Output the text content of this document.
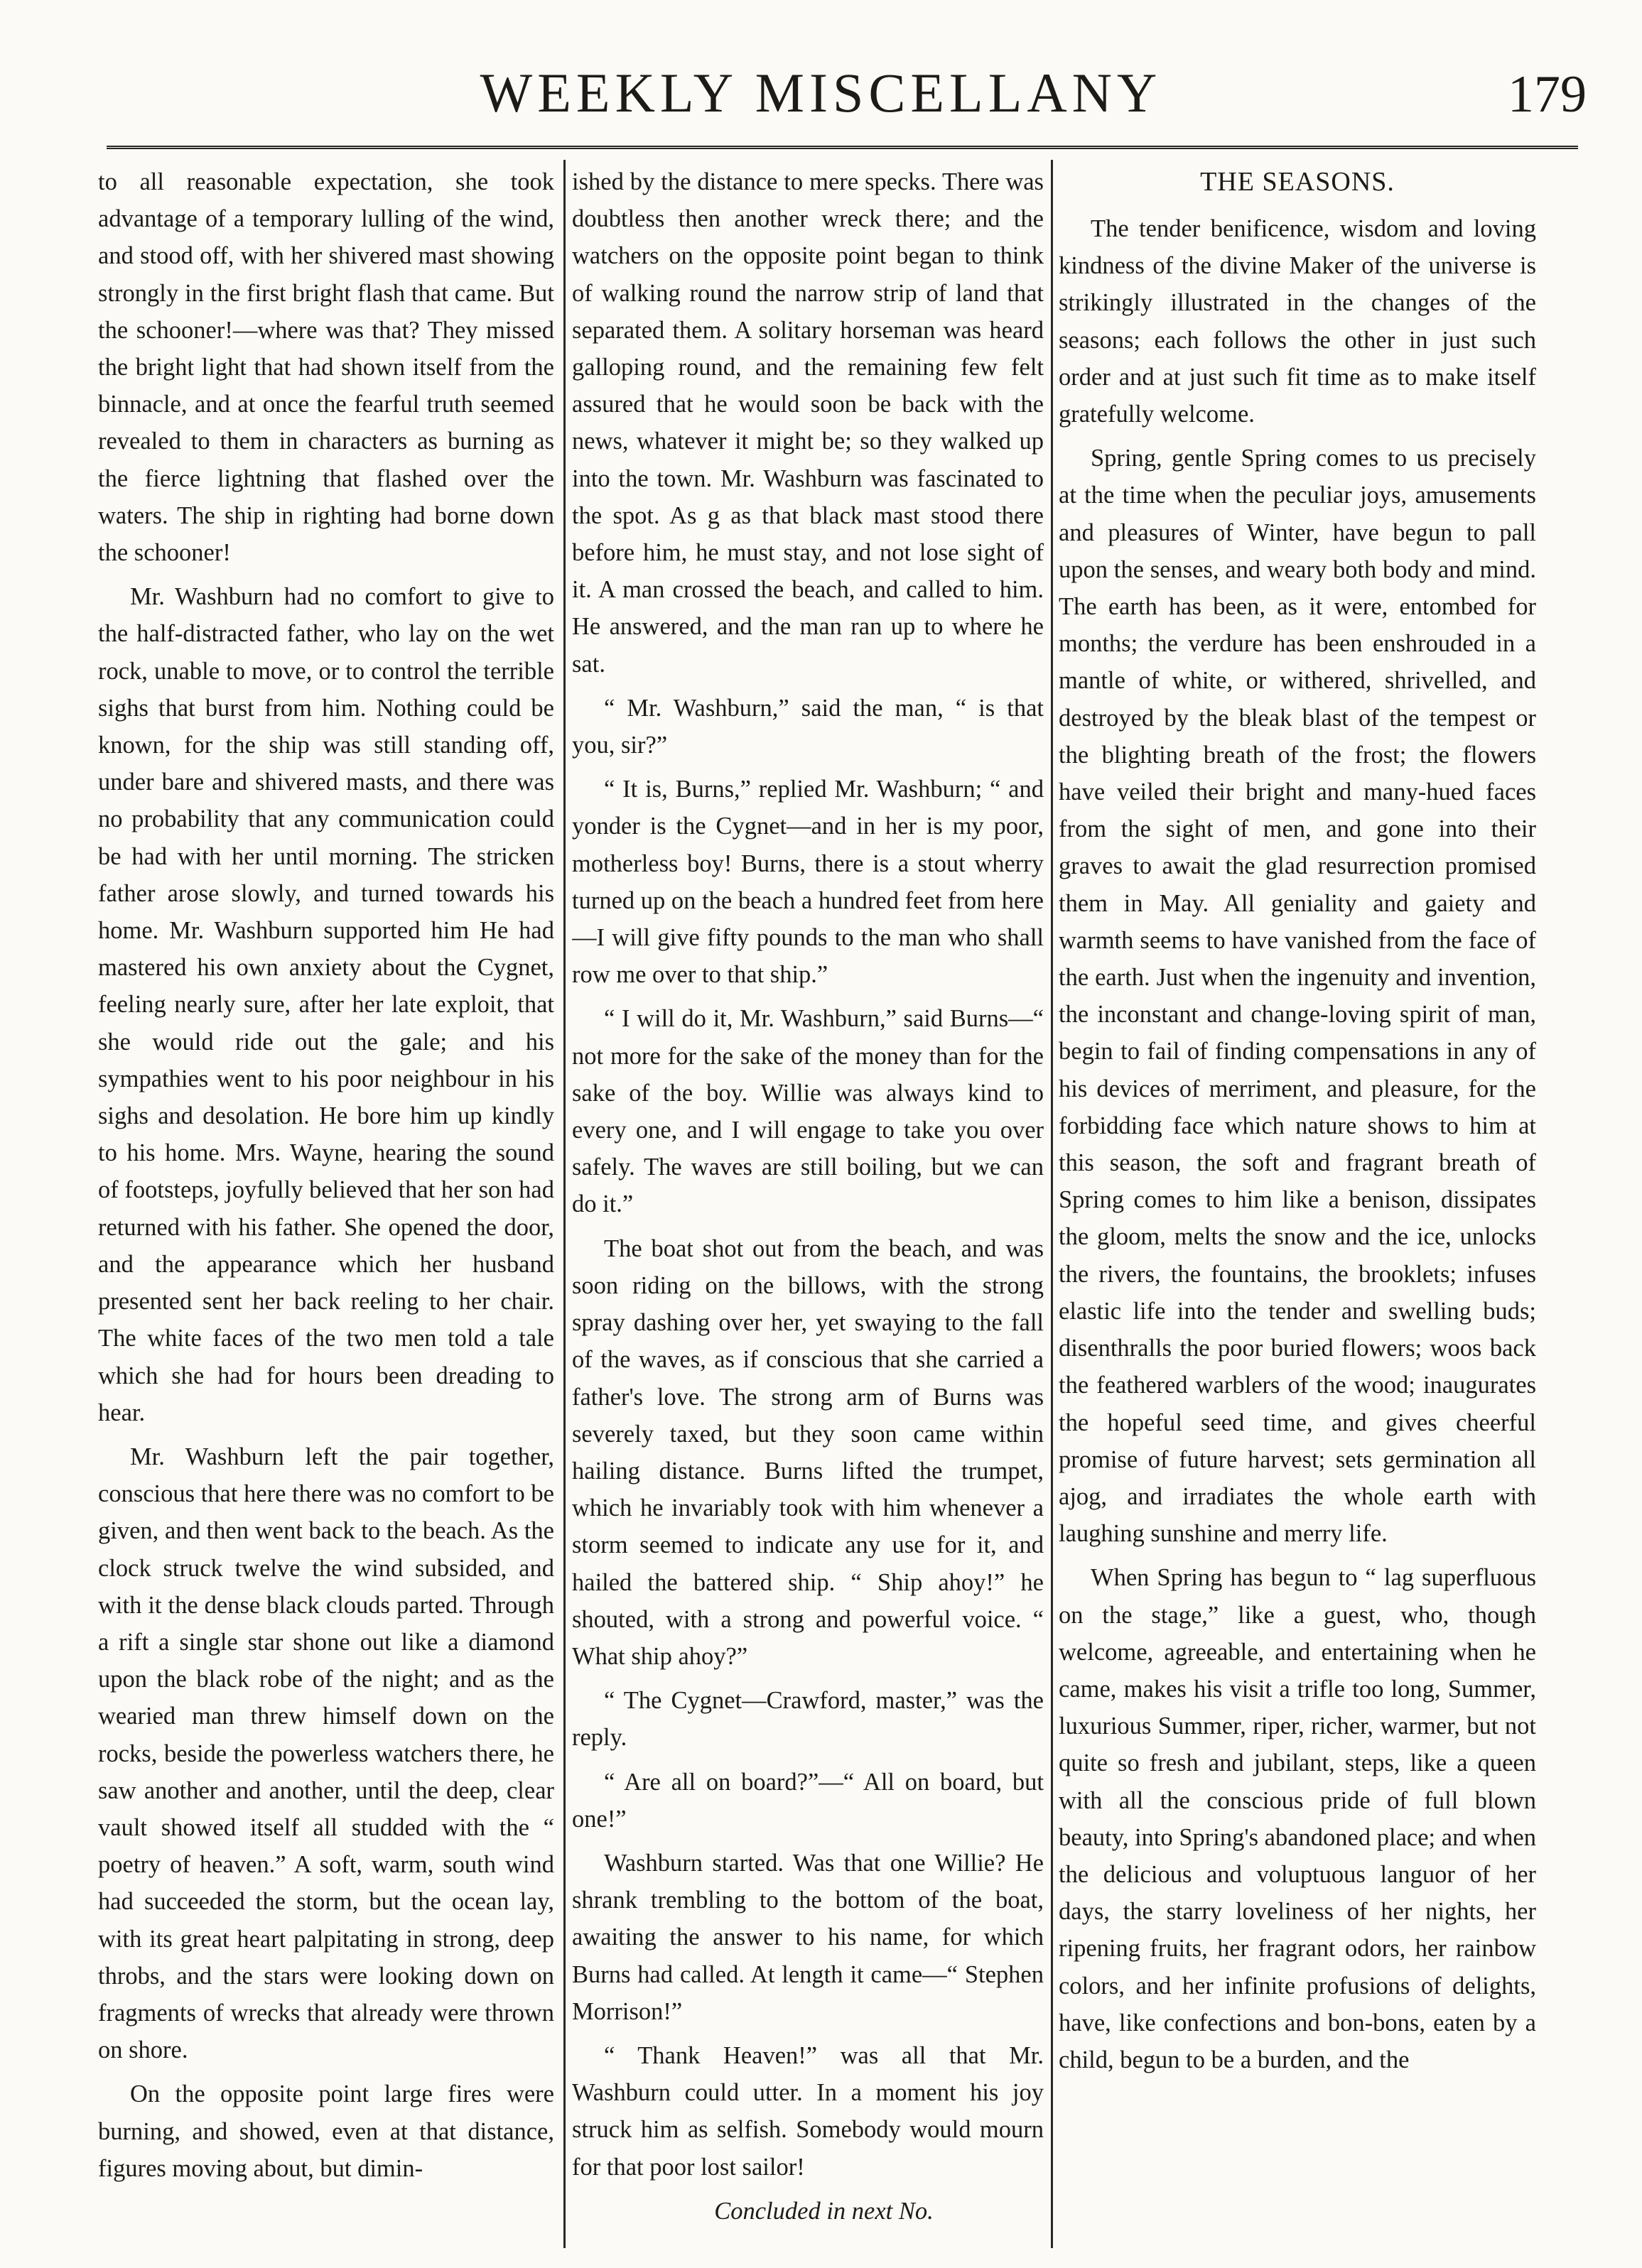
WEEKLY MISCELLANY	179

to all reasonable expectation, she took advantage of a temporary lulling of the wind, and stood off, with her shivered mast showing strongly in the first bright flash that came. But the schooner!—where was that? They missed the bright light that had shown itself from the binnacle, and at once the fearful truth seemed revealed to them in characters as burning as the fierce lightning that flashed over the waters. The ship in righting had borne down the schooner!

Mr. Washburn had no comfort to give to the half-distracted father, who lay on the wet rock, unable to move, or to control the terrible sighs that burst from him. Nothing could be known, for the ship was still standing off, under bare and shivered masts, and there was no probability that any communication could be had with her until morning. The stricken father arose slowly, and turned towards his home. Mr. Washburn supported him He had mastered his own anxiety about the Cygnet, feeling nearly sure, after her late exploit, that she would ride out the gale; and his sympathies went to his poor neighbour in his sighs and desolation. He bore him up kindly to his home. Mrs. Wayne, hearing the sound of footsteps, joyfully believed that her son had returned with his father. She opened the door, and the appearance which her husband presented sent her back reeling to her chair. The white faces of the two men told a tale which she had for hours been dreading to hear.

Mr. Washburn left the pair together, conscious that here there was no comfort to be given, and then went back to the beach. As the clock struck twelve the wind subsided, and with it the dense black clouds parted. Through a rift a single star shone out like a diamond upon the black robe of the night; and as the wearied man threw himself down on the rocks, beside the powerless watchers there, he saw another and another, until the deep, clear vault showed itself all studded with the “ poetry of heaven.” A soft, warm, south wind had succeeded the storm, but the ocean lay, with its great heart palpitating in strong, deep throbs, and the stars were looking down on fragments of wrecks that already were thrown on shore.

On the opposite point large fires were burning, and showed, even at that distance, figures moving about, but dimin-

ished by the distance to mere specks. There was doubtless then another wreck there; and the watchers on the opposite point began to think of walking round the narrow strip of land that separated them. A solitary horseman was heard galloping round, and the remaining few felt assured that he would soon be back with the news, whatever it might be; so they walked up into the town. Mr. Washburn was fascinated to the spot. As g as that black mast stood there before him, he must stay, and not lose sight of it. A man crossed the beach, and called to him. He answered, and the man ran up to where he sat.

“ Mr. Washburn,” said the man, “ is that you, sir?”

“ It is, Burns,” replied Mr. Washburn; “ and yonder is the Cygnet—and in her is my poor, motherless boy! Burns, there is a stout wherry turned up on the beach a hundred feet from here—I will give fifty pounds to the man who shall row me over to that ship.”

“ I will do it, Mr. Washburn,” said Burns—“ not more for the sake of the money than for the sake of the boy. Willie was always kind to every one, and I will engage to take you over safely. The waves are still boiling, but we can do it.”

The boat shot out from the beach, and was soon riding on the billows, with the strong spray dashing over her, yet swaying to the fall of the waves, as if conscious that she carried a father's love. The strong arm of Burns was severely taxed, but they soon came within hailing distance. Burns lifted the trumpet, which he invariably took with him whenever a storm seemed to indicate any use for it, and hailed the battered ship. “ Ship ahoy!” he shouted, with a strong and powerful voice. “ What ship ahoy?”

“ The Cygnet—Crawford, master,” was the reply.

“ Are all on board?”—“ All on board, but one!”

Washburn started. Was that one Willie? He shrank trembling to the bottom of the boat, awaiting the answer to his name, for which Burns had called. At length it came—“ Stephen Morrison!”

“ Thank Heaven!” was all that Mr. Washburn could utter. In a moment his joy struck him as selfish. Somebody would mourn for that poor lost sailor!

Concluded in next No.

THE SEASONS.

The tender benificence, wisdom and loving kindness of the divine Maker of the universe is strikingly illustrated in the changes of the seasons; each follows the other in just such order and at just such fit time as to make itself gratefully welcome.

Spring, gentle Spring comes to us precisely at the time when the peculiar joys, amusements and pleasures of Winter, have begun to pall upon the senses, and weary both body and mind. The earth has been, as it were, entombed for months; the verdure has been enshrouded in a mantle of white, or withered, shrivelled, and destroyed by the bleak blast of the tempest or the blighting breath of the frost; the flowers have veiled their bright and many-hued faces from the sight of men, and gone into their graves to await the glad resurrection promised them in May. All geniality and gaiety and warmth seems to have vanished from the face of the earth. Just when the ingenuity and invention, the inconstant and change-loving spirit of man, begin to fail of finding compensations in any of his devices of merriment, and pleasure, for the forbidding face which nature shows to him at this season, the soft and fragrant breath of Spring comes to him like a benison, dissipates the gloom, melts the snow and the ice, unlocks the rivers, the fountains, the brooklets; infuses elastic life into the tender and swelling buds; disenthralls the poor buried flowers; woos back the feathered warblers of the wood; inaugurates the hopeful seed time, and gives cheerful promise of future harvest; sets germination all ajog, and irradiates the whole earth with laughing sunshine and merry life.

When Spring has begun to “ lag superfluous on the stage,” like a guest, who, though welcome, agreeable, and entertaining when he came, makes his visit a trifle too long, Summer, luxurious Summer, riper, richer, warmer, but not quite so fresh and jubilant, steps, like a queen with all the conscious pride of full blown beauty, into Spring's abandoned place; and when the delicious and voluptuous languor of her days, the starry loveliness of her nights, her ripening fruits, her fragrant odors, her rainbow colors, and her infinite profusions of delights, have, like confections and bon-bons, eaten by a child, begun to be a burden, and the
